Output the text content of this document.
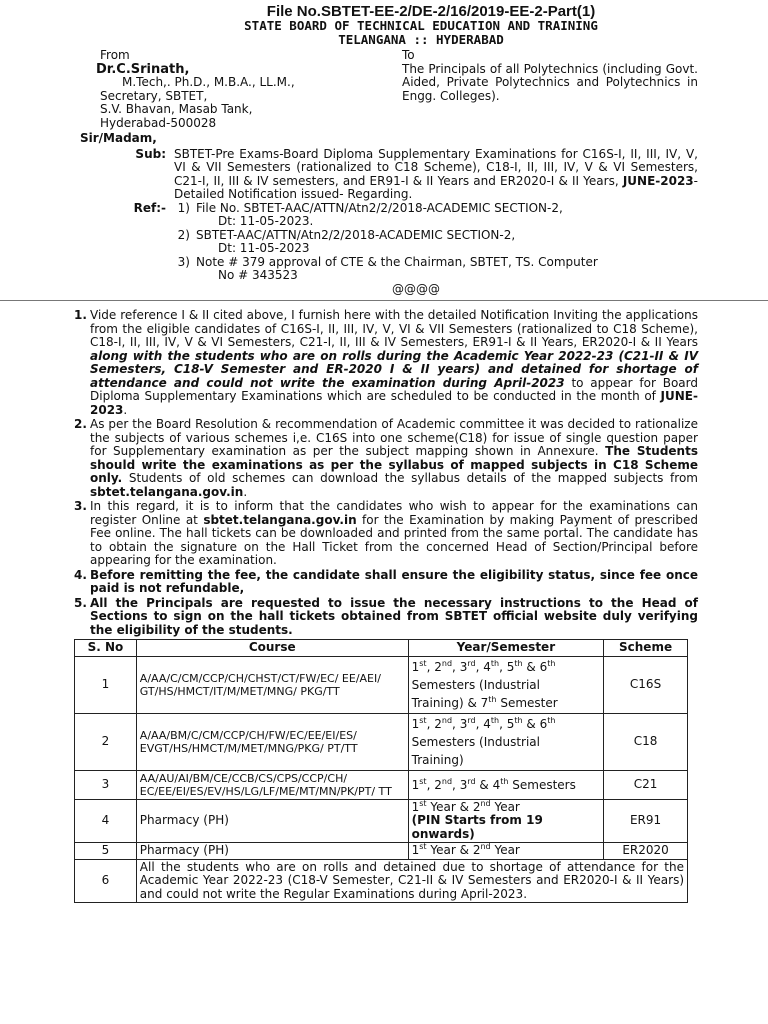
File No.SBTET-EE-2/DE-2/16/2019-EE-2-Part(1)
STATE BOARD OF TECHNICAL EDUCATION AND TRAINING
TELANGANA :: HYDERABAD
From
Dr.C.Srinath,
M.Tech,. Ph.D., M.B.A., LL.M.,
Secretary, SBTET,
S.V. Bhavan, Masab Tank,
Hyderabad-500028
To
The Principals of all Polytechnics (including Govt. Aided, Private Polytechnics and Polytechnics in Engg. Colleges).
Sir/Madam,
Sub: SBTET-Pre Exams-Board Diploma Supplementary Examinations for C16S-I, II, III, IV, V, VI & VII Semesters (rationalized to C18 Scheme), C18-I, II, III, IV, V & VI Semesters, C21-I, II, III & IV semesters, and ER91-I & II Years and ER2020-I & II Years, JUNE-2023-Detailed Notification issued- Regarding.
Ref:- 1) File No. SBTET-AAC/ATTN/Atn2/2/2018-ACADEMIC SECTION-2,
Dt: 11-05-2023.
2) SBTET-AAC/ATTN/Atn2/2/2018-ACADEMIC SECTION-2,
Dt: 11-05-2023
3) Note # 379 approval of CTE & the Chairman, SBTET, TS. Computer
No # 343523
@@@@
1. Vide reference I & II cited above, I furnish here with the detailed Notification Inviting the applications from the eligible candidates of C16S-I, II, III, IV, V, VI & VII Semesters (rationalized to C18 Scheme), C18-I, II, III, IV, V & VI Semesters, C21-I, II, III & IV Semesters, ER91-I & II Years, ER2020-I & II Years along with the students who are on rolls during the Academic Year 2022-23 (C21-II & IV Semesters, C18-V Semester and ER-2020 I & II years) and detained for shortage of attendance and could not write the examination during April-2023 to appear for Board Diploma Supplementary Examinations which are scheduled to be conducted in the month of JUNE-2023.
2. As per the Board Resolution & recommendation of Academic committee it was decided to rationalize the subjects of various schemes i,e. C16S into one scheme(C18) for issue of single question paper for Supplementary examination as per the subject mapping shown in Annexure. The Students should write the examinations as per the syllabus of mapped subjects in C18 Scheme only. Students of old schemes can download the syllabus details of the mapped subjects from sbtet.telangana.gov.in.
3. In this regard, it is to inform that the candidates who wish to appear for the examinations can register Online at sbtet.telangana.gov.in for the Examination by making Payment of prescribed Fee online. The hall tickets can be downloaded and printed from the same portal. The candidate has to obtain the signature on the Hall Ticket from the concerned Head of Section/Principal before appearing for the examination.
4. Before remitting the fee, the candidate shall ensure the eligibility status, since fee once paid is not refundable,
5. All the Principals are requested to issue the necessary instructions to the Head of Sections to sign on the hall tickets obtained from SBTET official website duly verifying the eligibility of the students.
S. No	Course	Year/Semester	Scheme
1	A/AA/C/CM/CCP/CH/CHST/CT/FW/EC/ EE/AEI/ GT/HS/HMCT/IT/M/MET/MNG/ PKG/TT	1st, 2nd, 3rd, 4th, 5th & 6th
Semesters (Industrial
Training) & 7th Semester	C16S
2	A/AA/BM/C/CM/CCP/CH/FW/EC/EE/EI/ES/ EVGT/HS/HMCT/M/MET/MNG/PKG/ PT/TT	1st, 2nd, 3rd, 4th, 5th & 6th
Semesters (Industrial
Training)	C18
3	AA/AU/AI/BM/CE/CCB/CS/CPS/CCP/CH/ EC/EE/EI/ES/EV/HS/LG/LF/ME/MT/MN/PK/PT/ TT	1st, 2nd, 3rd & 4th Semesters	C21
4	Pharmacy (PH)	1st Year & 2nd Year
(PIN Starts from 19 onwards)	ER91
5	Pharmacy (PH)	1st Year & 2nd Year	ER2020
6	All the students who are on rolls and detained due to shortage of attendance for the Academic Year 2022-23 (C18-V Semester, C21-II & IV Semesters and ER2020-I & II Years) and could not write the Regular Examinations during April-2023.		
